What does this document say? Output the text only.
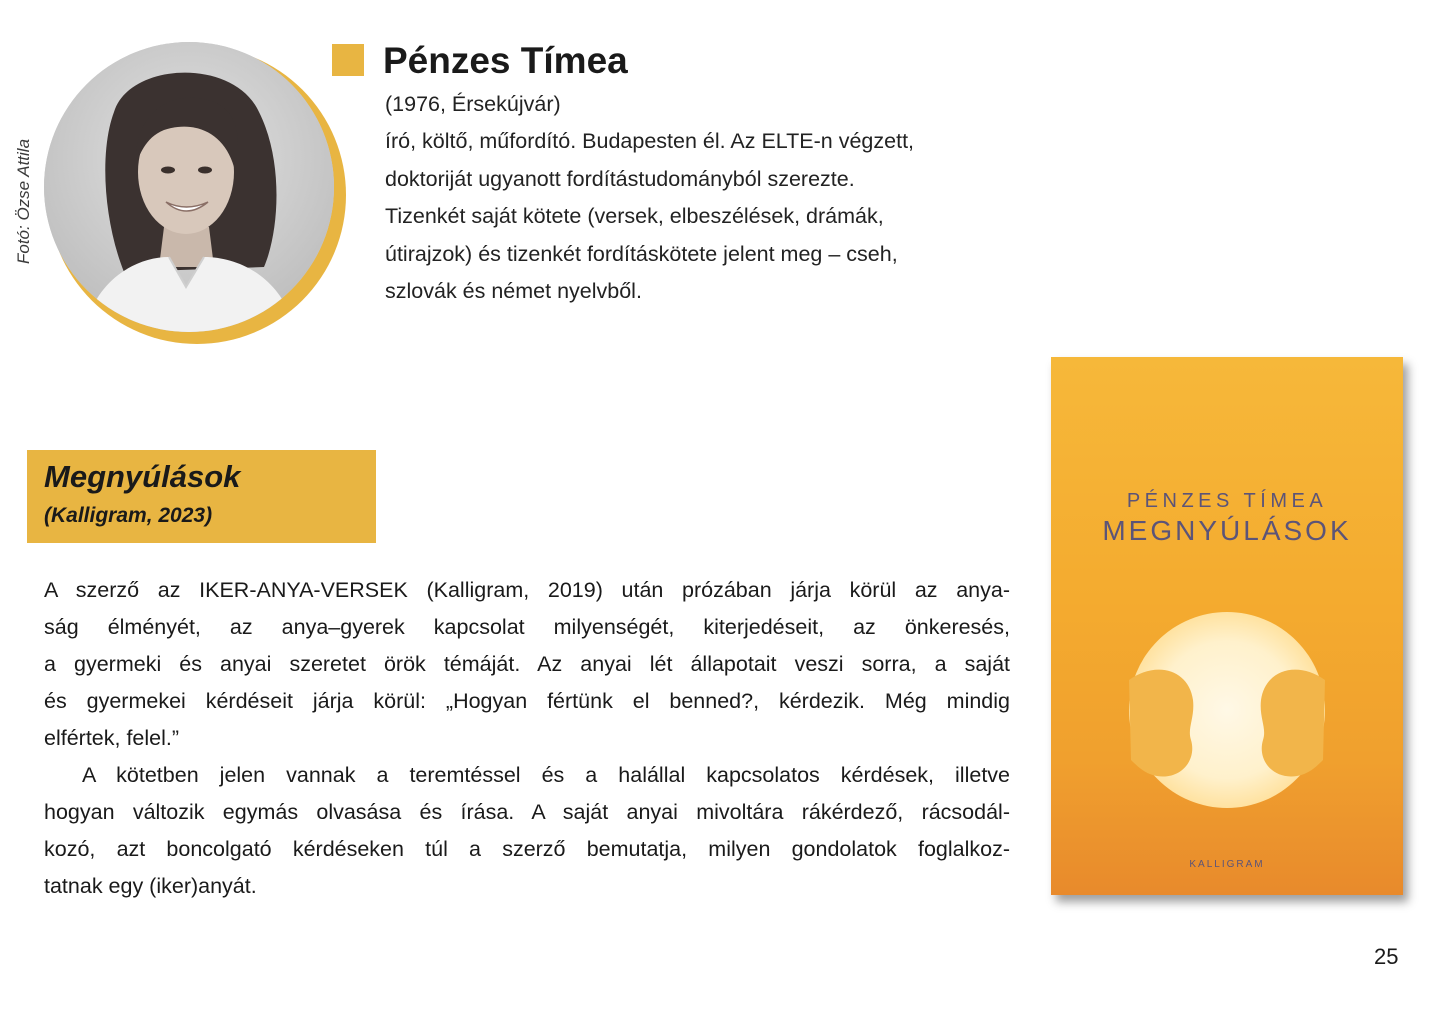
Fotó: Özse Attila
Pénzes Tímea
(1976, Érsekújvár)
író, költő, műfordító. Budapesten él. Az ELTE-n végzett,
doktoriját ugyanott fordítástudományból szerezte.
Tizenkét saját kötete (versek, elbeszélések, drámák,
útirajzok) és tizenkét fordításkötete jelent meg – cseh,
szlovák és német nyelvből.
Megnyúlások
(Kalligram, 2023)
A szerző az IKER-ANYA-VERSEK (Kalligram, 2019) után prózában járja körül az anya-
ság élményét, az anya–gyerek kapcsolat milyenségét, kiterjedéseit, az önkeresés,
a gyermeki és anyai szeretet örök témáját. Az anyai lét állapotait veszi sorra, a saját
és gyermekei kérdéseit járja körül: „Hogyan fértünk el benned?, kérdezik. Még mindig
elfértek, felel.”
A kötetben jelen vannak a teremtéssel és a halállal kapcsolatos kérdések, illetve
hogyan változik egymás olvasása és írása. A saját anyai mivoltára rákérdező, rácsodál-
kozó, azt boncolgató kérdéseken túl a szerző bemutatja, milyen gondolatok foglalkoz-
tatnak egy (iker)anyát.
PÉNZES TÍMEA
MEGNYÚLÁSOK
KALLIGRAM
25
